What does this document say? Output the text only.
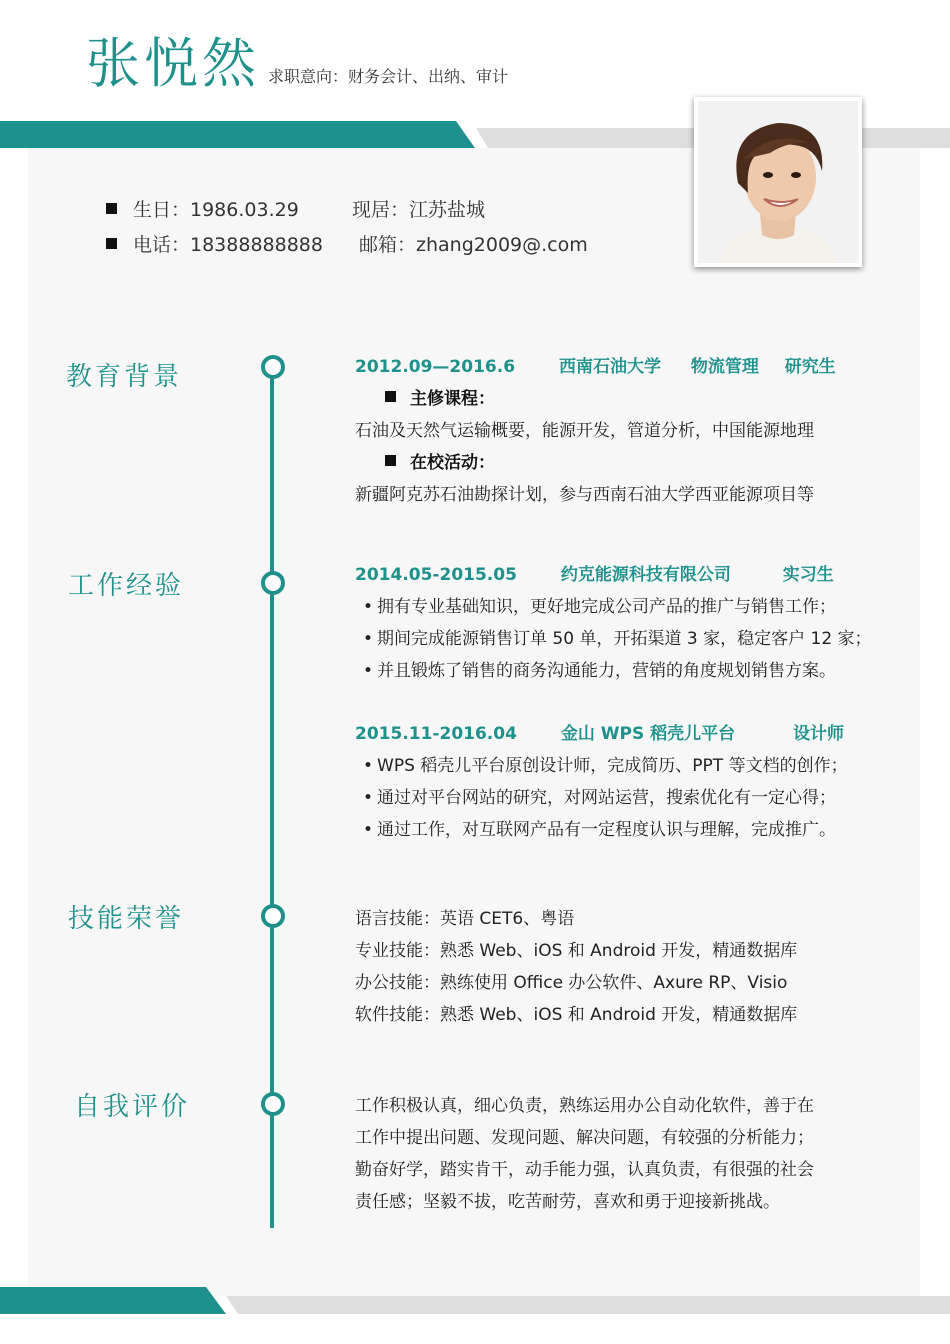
张悦然 求职意向：财务会计、出纳、审计
生日：1986.03.29	现居：江苏盐城
电话：18388888888 邮箱：zhang2009@.com
教育背景	2012.09—2016.6	西南石油大学 物流管理 研究生
主修课程：
石油及天然气运输概要，能源开发，管道分析，中国能源地理
在校活动：
新疆阿克苏石油勘探计划，参与西南石油大学西亚能源项目等
工作经验	2014.05-2015.05	约克能源科技有限公司	实习生
• 拥有专业基础知识，更好地完成公司产品的推广与销售工作；
• 期间完成能源销售订单 50 单，开拓渠道 3 家，稳定客户 12 家；
• 并且锻炼了销售的商务沟通能力，营销的角度规划销售方案。
2015.11-2016.04	金山 WPS 稻壳儿平台	设计师
• WPS 稻壳儿平台原创设计师，完成简历、PPT 等文档的创作；
• 通过对平台网站的研究，对网站运营，搜索优化有一定心得；
• 通过工作，对互联网产品有一定程度认识与理解，完成推广。
技能荣誉	语言技能：英语 CET6、粤语
专业技能：熟悉 Web、iOS 和 Android 开发，精通数据库
办公技能：熟练使用 Office 办公软件、Axure RP、Visio
软件技能：熟悉 Web、iOS 和 Android 开发，精通数据库
自我评价	工作积极认真，细心负责，熟练运用办公自动化软件，善于在
工作中提出问题、发现问题、解决问题，有较强的分析能力；
勤奋好学，踏实肯干，动手能力强，认真负责，有很强的社会
责任感；坚毅不拔，吃苦耐劳，喜欢和勇于迎接新挑战。
